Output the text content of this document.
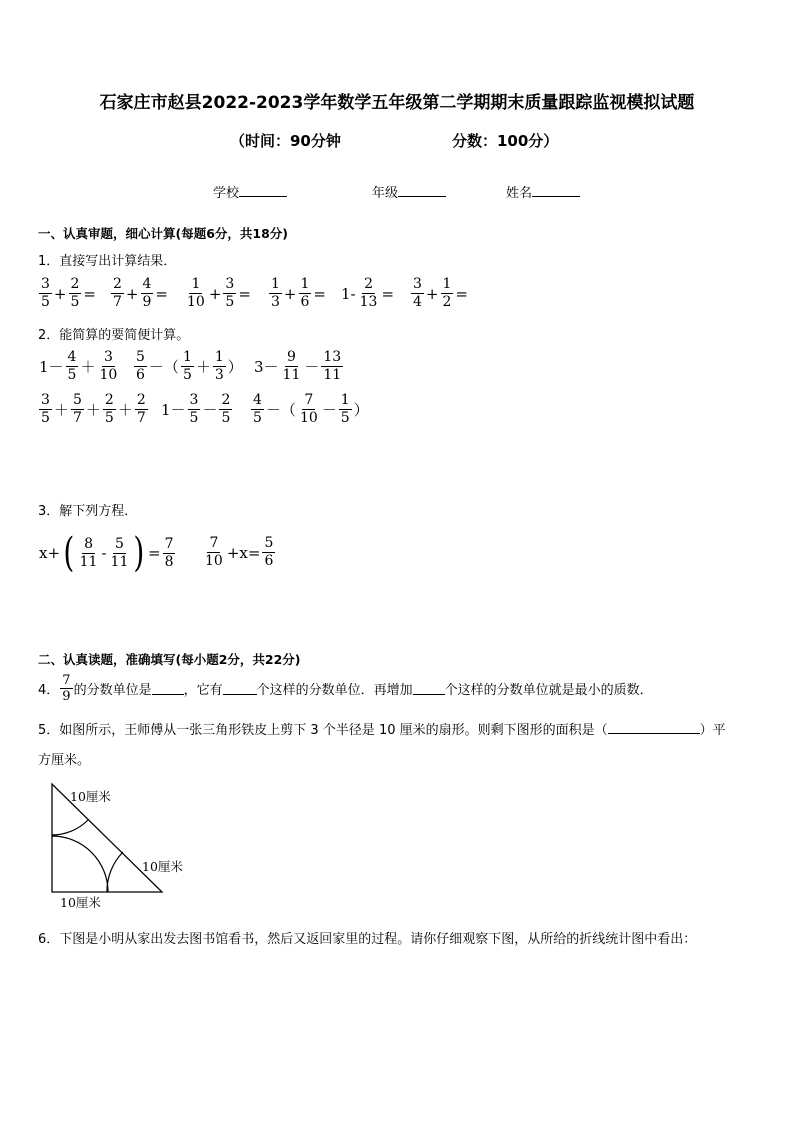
石家庄市赵县2022-2023学年数学五年级第二学期期末质量跟踪监视模拟试题
（时间：90分钟	分数：100分）
学校	年级	姓名
一、认真审题，细心计算(每题6分，共18分)
1．直接写出计算结果．
$\frac{3}{5} + \frac{2}{5} = \frac{2}{7} + \frac{4}{9} = \frac{1}{10} + \frac{3}{5} = \frac{1}{3} + \frac{1}{6} = 1- \frac{2}{13} = \frac{3}{4} + \frac{1}{2}$ =
2．能简算的要简便计算。
$1- \frac{4}{5} + \frac{3}{10} \frac{5}{6}$ －（ $\frac{1}{5} + \frac{1}{3}$ ） $3- \frac{9}{11} - \frac{13}{11}$
$\frac{3}{5} + \frac{5}{7} + \frac{2}{5} + \frac{2}{7} 1- \frac{3}{5} - \frac{2}{5} \frac{4}{5}$ －（ $\frac{7}{10} - \frac{1}{5}$ ）
3．解下列方程．
x+ ( $\frac{8}{11} - \frac{5}{11}$ ) = $\frac{7}{8} \frac{7}{10} +x= \frac{5}{6}$
二、认真读题，准确填写(每小题2分，共22分)
4． $\frac{7}{9}$ 的分数单位是 ，它有	个这样的分数单位．再增加 个这样的分数单位就是最小的质数．
5．如图所示，王师傅从一张三角形铁皮上剪下 3 个半径是 10 厘米的扇形。则剩下图形的面积是（	）平
方厘米。
10厘米
10厘米
10厘米
6．下图是小明从家出发去图书馆看书，然后又返回家里的过程。请你仔细观察下图，从所给的折线统计图中看出：
